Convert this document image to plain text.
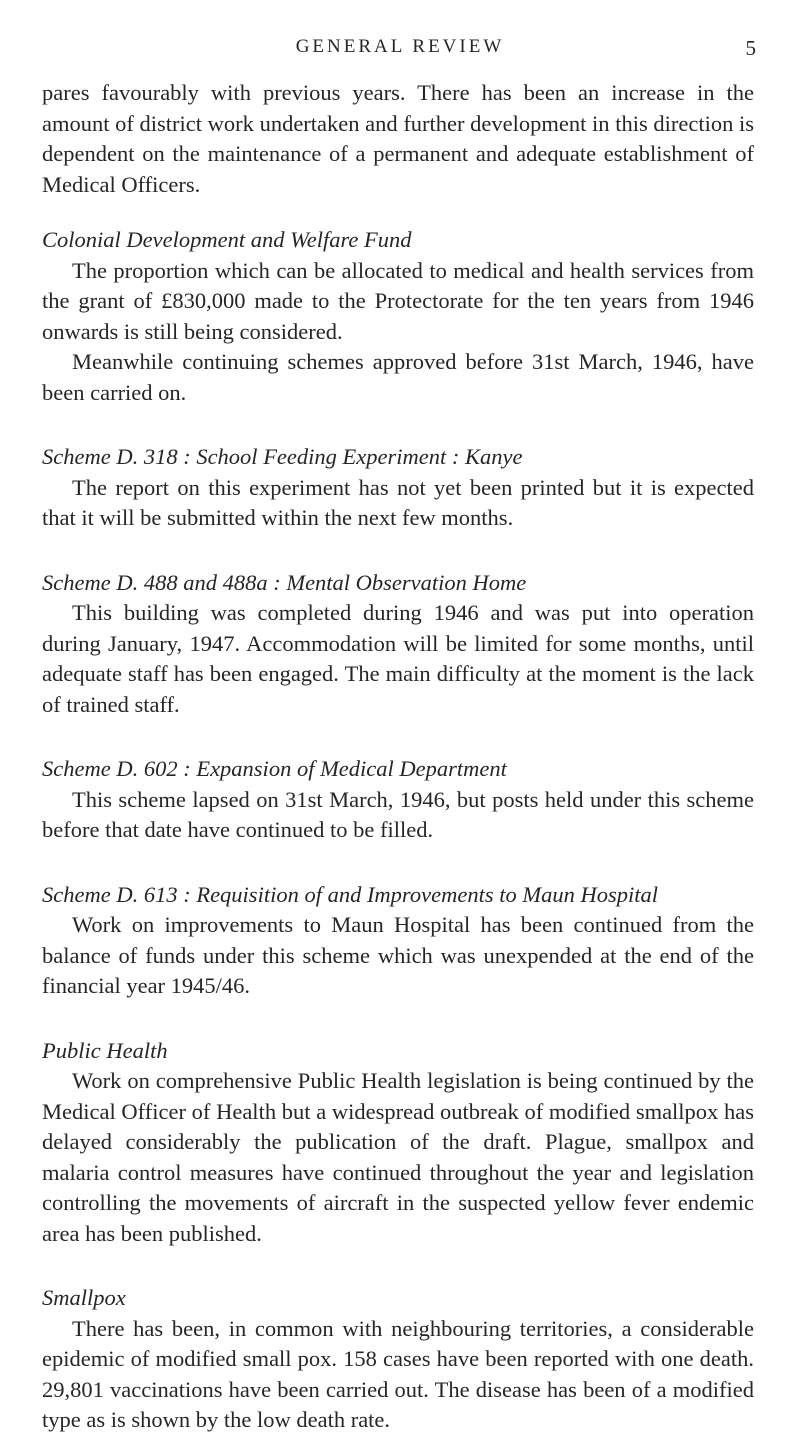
GENERAL REVIEW	5

pares favourably with previous years. There has been an increase in the amount of district work undertaken and further development in this direction is dependent on the maintenance of a permanent and adequate establishment of Medical Officers.

Colonial Development and Welfare Fund

The proportion which can be allocated to medical and health services from the grant of £830,000 made to the Protectorate for the ten years from 1946 onwards is still being considered.

Meanwhile continuing schemes approved before 31st March, 1946, have been carried on.

Scheme D. 318 : School Feeding Experiment : Kanye

The report on this experiment has not yet been printed but it is expected that it will be submitted within the next few months.

Scheme D. 488 and 488a : Mental Observation Home

This building was completed during 1946 and was put into operation during January, 1947. Accommodation will be limited for some months, until adequate staff has been engaged. The main difficulty at the moment is the lack of trained staff.

Scheme D. 602 : Expansion of Medical Department

This scheme lapsed on 31st March, 1946, but posts held under this scheme before that date have continued to be filled.

Scheme D. 613 : Requisition of and Improvements to Maun Hospital

Work on improvements to Maun Hospital has been continued from the balance of funds under this scheme which was unexpended at the end of the financial year 1945/46.

Public Health

Work on comprehensive Public Health legislation is being continued by the Medical Officer of Health but a widespread outbreak of modified smallpox has delayed considerably the publication of the draft. Plague, smallpox and malaria control measures have continued throughout the year and legislation controlling the movements of aircraft in the suspected yellow fever endemic area has been published.

Smallpox

There has been, in common with neighbouring territories, a considerable epidemic of modified small pox. 158 cases have been reported with one death. 29,801 vaccinations have been carried out. The disease has been of a modified type as is shown by the low death rate.
